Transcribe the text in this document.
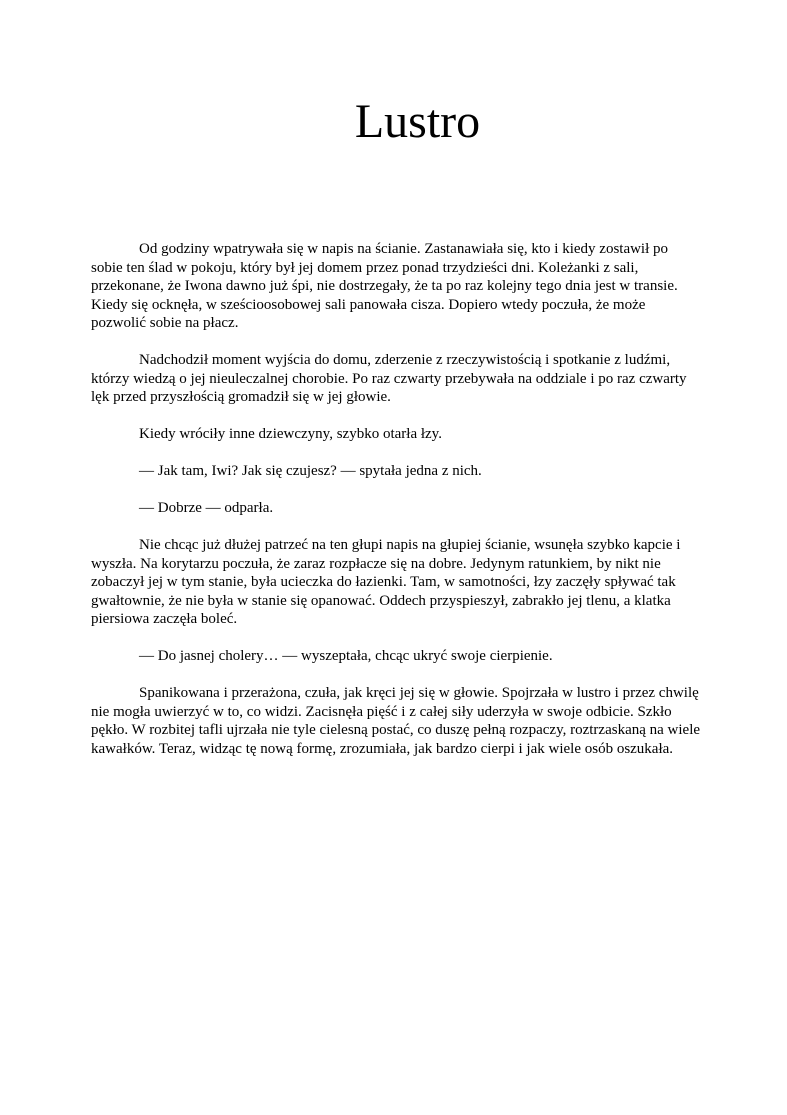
Lustro

Od godziny wpatrywała się w napis na ścianie. Zastanawiała się, kto i kiedy zostawił po sobie ten ślad w pokoju, który był jej domem przez ponad trzydzieści dni. Koleżanki z sali, przekonane, że Iwona dawno już śpi, nie dostrzegały, że ta po raz kolejny tego dnia jest w transie. Kiedy się ocknęła, w sześcioosobowej sali panowała cisza. Dopiero wtedy poczuła, że może pozwolić sobie na płacz.

Nadchodził moment wyjścia do domu, zderzenie z rzeczywistością i spotkanie z ludźmi, którzy wiedzą o jej nieuleczalnej chorobie. Po raz czwarty przebywała na oddziale i po raz czwarty lęk przed przyszłością gromadził się w jej głowie.

Kiedy wróciły inne dziewczyny, szybko otarła łzy.

— Jak tam, Iwi? Jak się czujesz? — spytała jedna z nich.

— Dobrze — odparła.

Nie chcąc już dłużej patrzeć na ten głupi napis na głupiej ścianie, wsunęła szybko kapcie i wyszła. Na korytarzu poczuła, że zaraz rozpłacze się na dobre. Jedynym ratunkiem, by nikt nie zobaczył jej w tym stanie, była ucieczka do łazienki. Tam, w samotności, łzy zaczęły spływać tak gwałtownie, że nie była w stanie się opanować. Oddech przyspieszył, zabrakło jej tlenu, a klatka piersiowa zaczęła boleć.

— Do jasnej cholery… — wyszeptała, chcąc ukryć swoje cierpienie.

Spanikowana i przerażona, czuła, jak kręci jej się w głowie. Spojrzała w lustro i przez chwilę nie mogła uwierzyć w to, co widzi. Zacisnęła pięść i z całej siły uderzyła w swoje odbicie. Szkło pękło. W rozbitej tafli ujrzała nie tyle cielesną postać, co duszę pełną rozpaczy, roztrzaskaną na wiele kawałków. Teraz, widząc tę nową formę, zrozumiała, jak bardzo cierpi i jak wiele osób oszukała.
